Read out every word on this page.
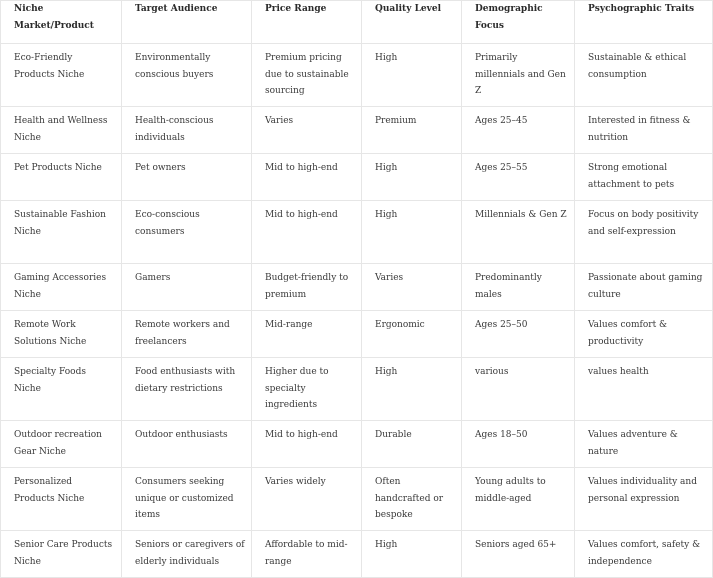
Niche Market/Product	Target Audience	Price Range	Quality Level	Demographic Focus	Psychographic Traits
Eco-Friendly Products Niche	Environmentally conscious buyers	Premium pricing due to sustainable sourcing	High	Primarily millennials and Gen Z	Sustainable & ethical consumption
Health and Wellness Niche	Health-conscious individuals	Varies	Premium	Ages 25–45	Interested in fitness & nutrition
Pet Products Niche	Pet owners	Mid to high-end	High	Ages 25–55	Strong emotional attachment to pets
Sustainable Fashion Niche	Eco-conscious consumers	Mid to high-end	High	Millennials & Gen Z	Focus on body positivity and self-expression
Gaming Accessories Niche	Gamers	Budget-friendly to premium	Varies	Predominantly males	Passionate about gaming culture
Remote Work Solutions Niche	Remote workers and freelancers	Mid-range	Ergonomic	Ages 25–50	Values comfort & productivity
Specialty Foods Niche	Food enthusiasts with dietary restrictions	Higher due to specialty ingredients	High	various	values health
Outdoor recreation Gear Niche	Outdoor enthusiasts	Mid to high-end	Durable	Ages 18–50	Values adventure & nature
Personalized Products Niche	Consumers seeking unique or customized items	Varies widely	Often handcrafted or bespoke	Young adults to middle-aged	Values individuality and personal expression
Senior Care Products Niche	Seniors or caregivers of elderly individuals	Affordable to mid-range	High	Seniors aged 65+	Values comfort, safety & independence
